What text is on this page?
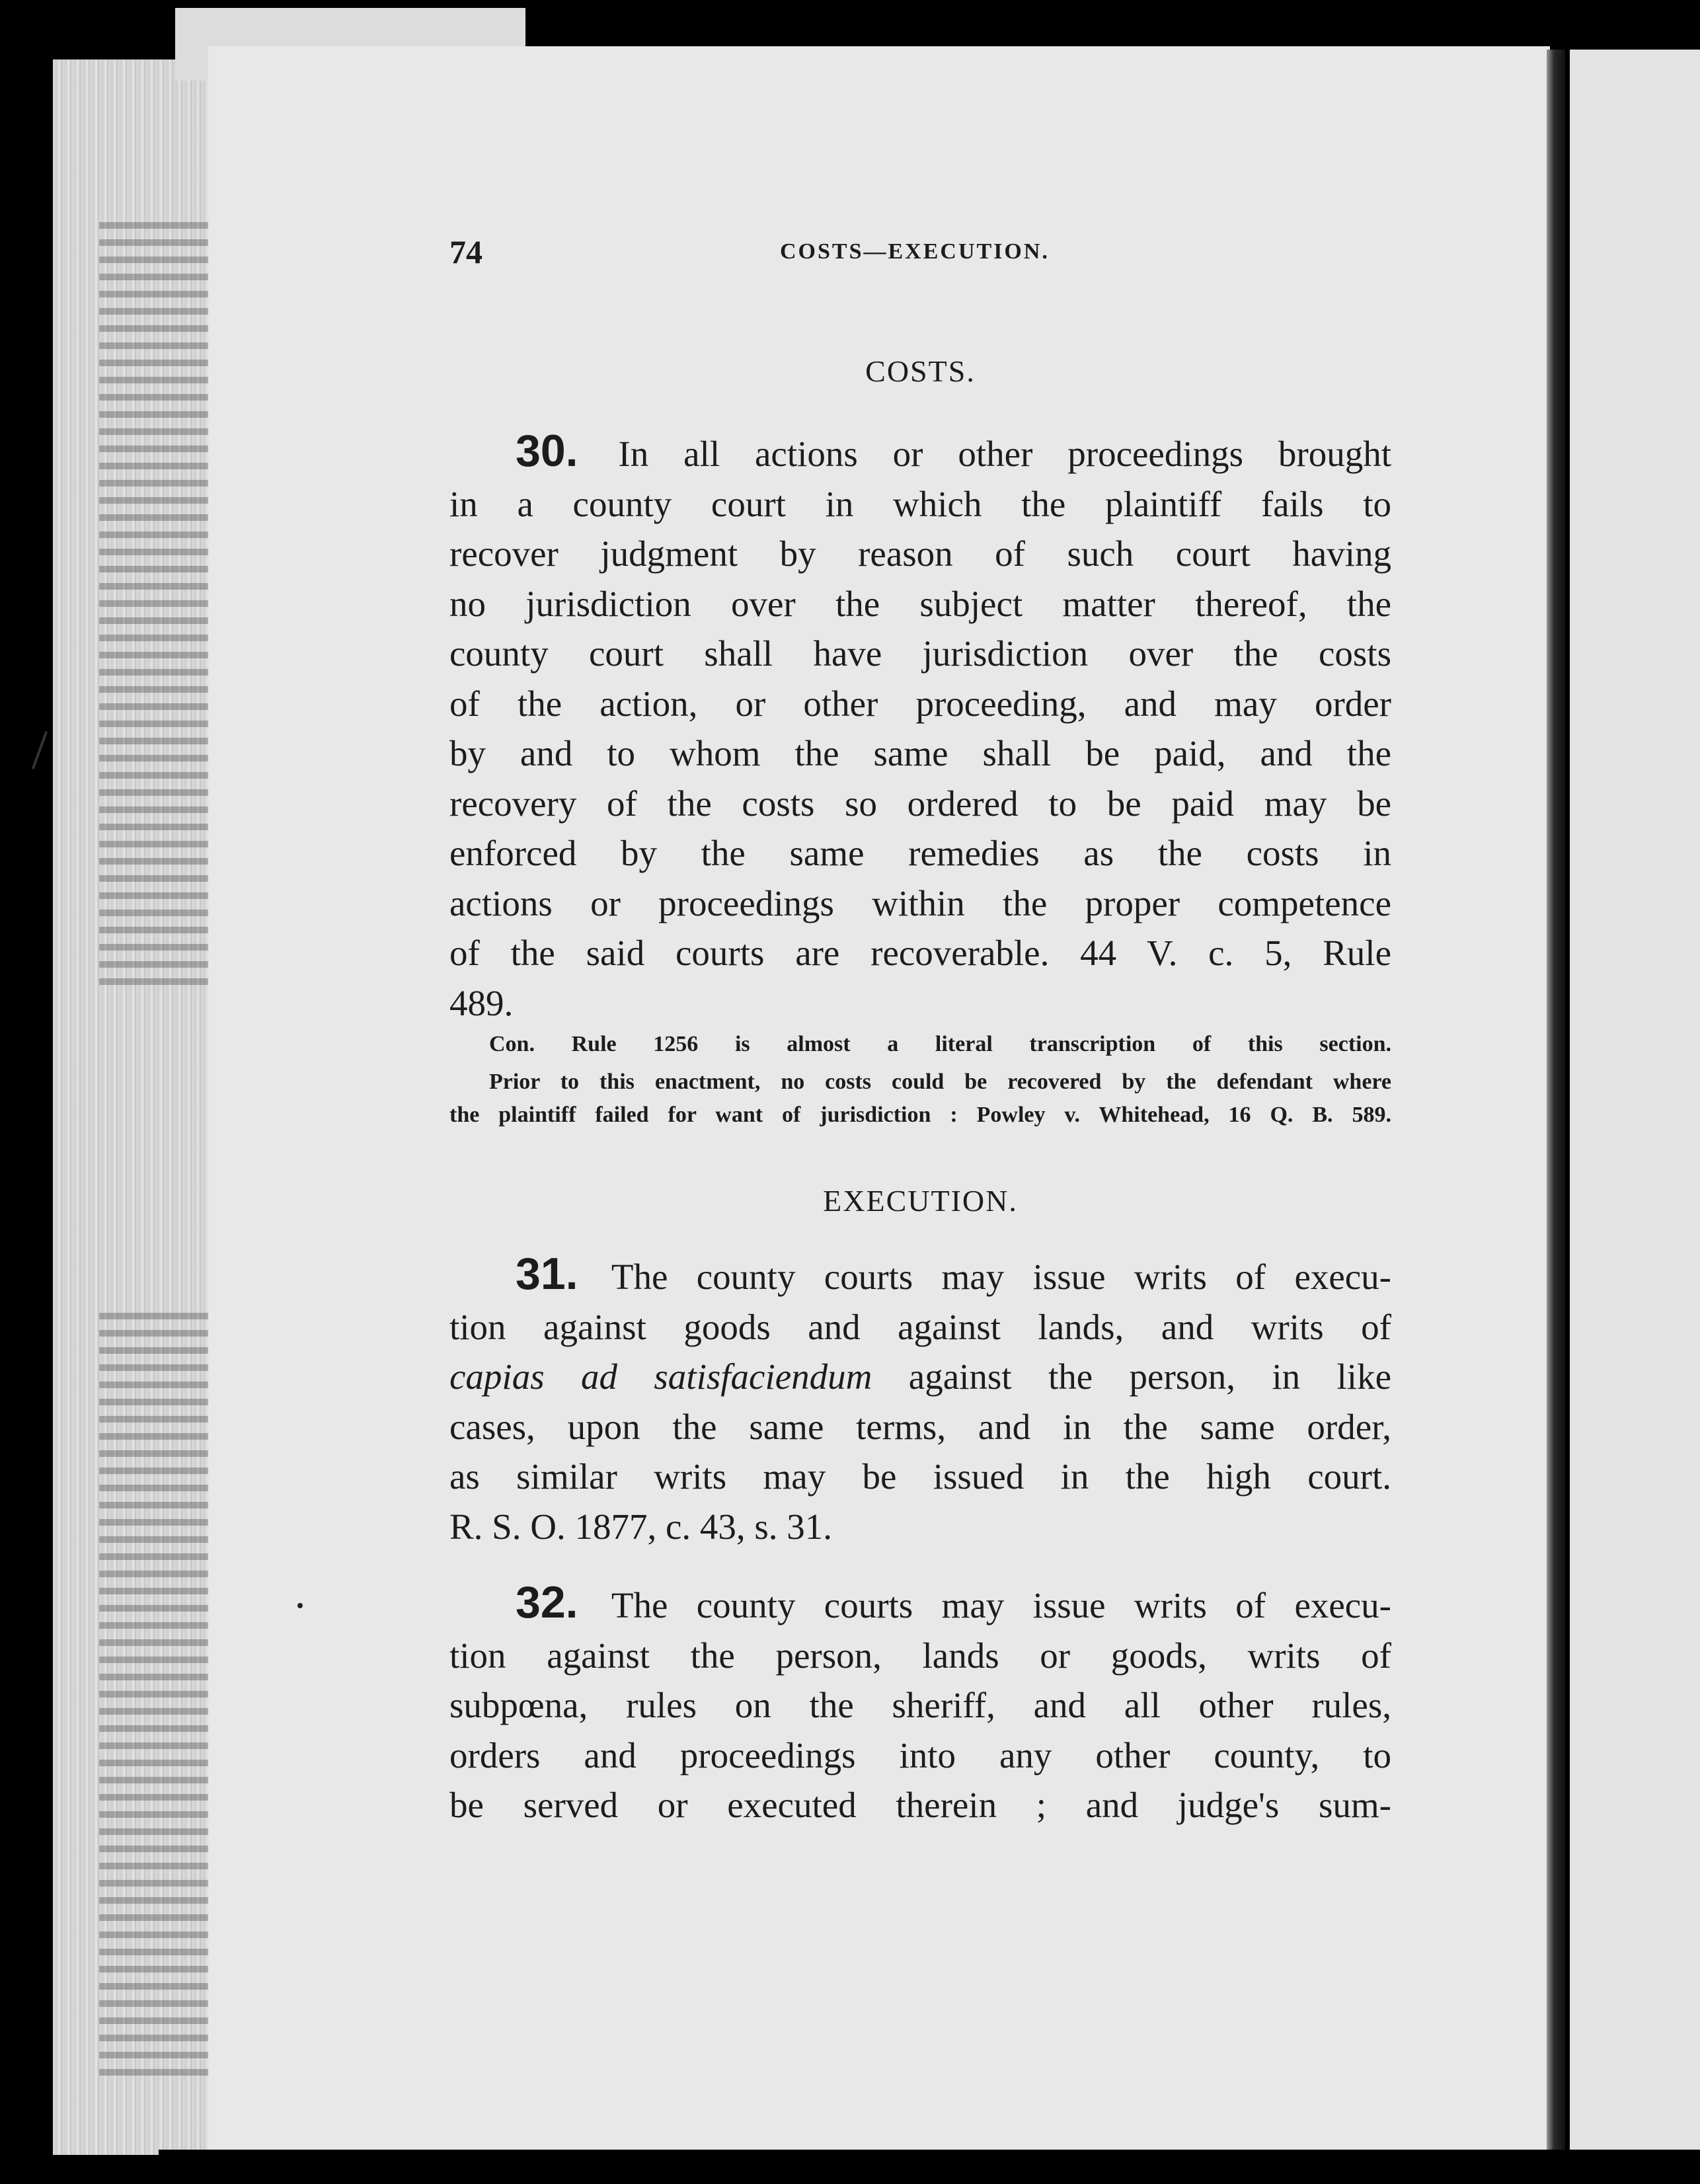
74	COSTS—EXECUTION.
COSTS.
30. In all actions or other proceedings brought
in a county court in which the plaintiff fails to
recover judgment by reason of such court having
no jurisdiction over the subject matter thereof, the
county court shall have jurisdiction over the costs
of the action, or other proceeding, and may order
by and to whom the same shall be paid, and the
recovery of the costs so ordered to be paid may be
enforced by the same remedies as the costs in
actions or proceedings within the proper competence
of the said courts are recoverable. 44 V. c. 5, Rule
489.
Con. Rule 1256 is almost a literal transcription of this section.
Prior to this enactment, no costs could be recovered by the defendant where
the plaintiff failed for want of jurisdiction : Powley v. Whitehead, 16 Q. B. 589.
EXECUTION.
31. The county courts may issue writs of execu-
tion against goods and against lands, and writs of
capias ad satisfaciendum against the person, in like
cases, upon the same terms, and in the same order,
as similar writs may be issued in the high court.
R. S. O. 1877, c. 43, s. 31.
32. The county courts may issue writs of execu-
tion against the person, lands or goods, writs of
subpœna, rules on the sheriff, and all other rules,
orders and proceedings into any other county, to
be served or executed therein ; and judge's sum-
